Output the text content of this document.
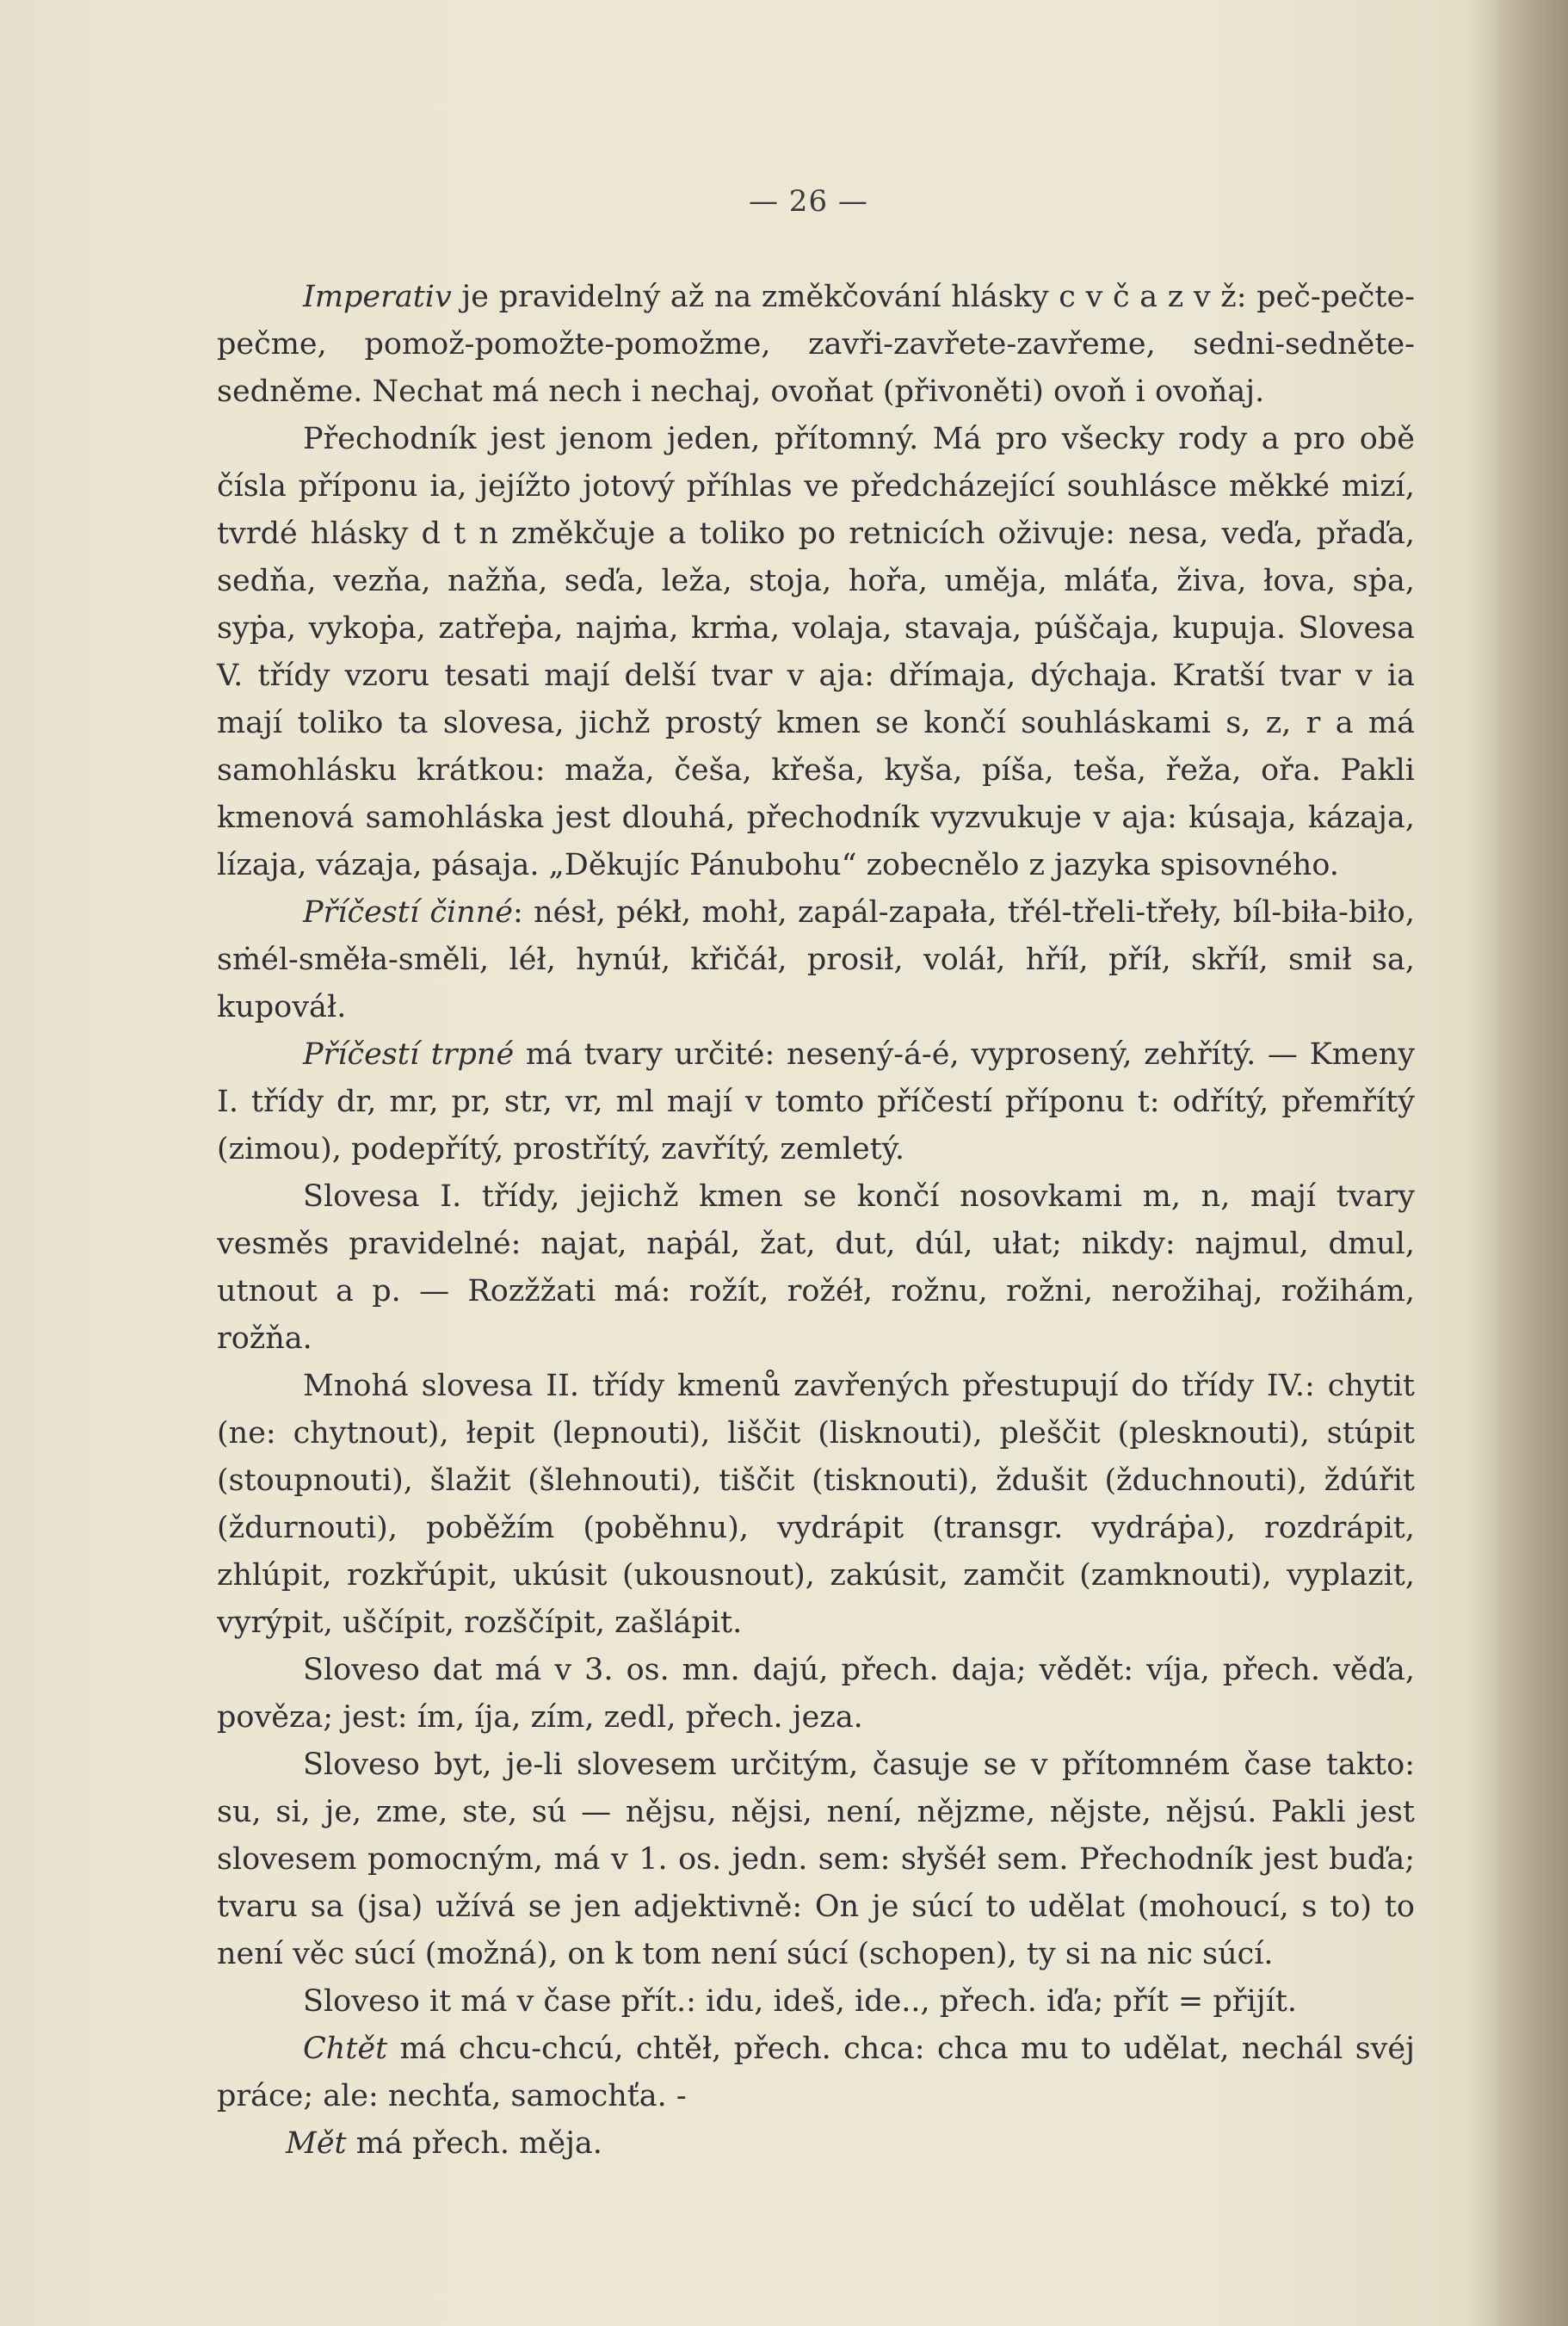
— 26 —

Imperativ je pravidelný až na změkčování hlásky c v č a z v ž: peč-pečte-pečme, pomož-pomožte-pomožme, zavři-zavřete-zavřeme, sedni-sedněte-sedněme. Nechat má nech i nechaj, ovoňat (přivoněti) ovoň i ovoňaj.

Přechodník jest jenom jeden, přítomný. Má pro všecky rody a pro obě čísla příponu ia, jejížto jotový příhlas ve předcházející souhlásce měkké mizí, tvrdé hlásky d t n změkčuje a toliko po retnicích oživuje: nesa, veďa, přaďa, sedňa, vezňa, nažňa, seďa, leža, stoja, hořa, uměja, mláťa, živa, łova, sṗa, syṗa, vykoṗa, zatřeṗa, najṁa, krṁa, volaja, stavaja, púščaja, kupuja. Slovesa V. třídy vzoru tesati mají delší tvar v aja: dřímaja, dýchaja. Kratší tvar v ia mají toliko ta slovesa, jichž prostý kmen se končí souhláskami s, z, r a má samohlásku krátkou: maža, češa, křeša, kyša, píša, teša, řeža, ořa. Pakli kmenová samohláska jest dlouhá, přechodník vyzvukuje v aja: kúsaja, kázaja, lízaja, vázaja, pásaja. „Děkujíc Pánubohu“ zobecnělo z jazyka spisovného.

Příčestí činné: nésł, pékł, mohł, zapál-zapała, třél-třeli-třeły, bíl-biła-biło, sṁél-směła-směli, léł, hynúł, křičáł, prosił, voláł, hříł, příł, skříł, smił sa, kupováł.

Příčestí trpné má tvary určité: nesený-á-é, vyprosený, zehřítý. — Kmeny I. třídy dr, mr, pr, str, vr, ml mají v tomto příčestí příponu t: odřítý, přemřítý (zimou), podepřítý, prostřítý, zavřítý, zemletý.

Slovesa I. třídy, jejichž kmen se končí nosovkami m, n, mají tvary vesměs pravidelné: najat, naṗál, žat, dut, dúl, ułat; nikdy: najmul, dmul, utnout a p. — Rozžžati má: rožít, rožéł, rožnu, rožni, nerožihaj, rožihám, rožňa.

Mnohá slovesa II. třídy kmenů zavřených přestupují do třídy IV.: chytit (ne: chytnout), łepit (lepnouti), liščit (lisknouti), pleščit (plesknouti), stúpit (stoupnouti), šlažit (šlehnouti), tiščit (tisknouti), ždušit (žduchnouti), ždúřit (ždurnouti), poběžím (poběhnu), vydrápit (transgr. vydráṗa), rozdrápit, zhlúpit, rozkřúpit, ukúsit (ukousnout), zakúsit, zamčit (zamknouti), vyplazit, vyrýpit, uščípit, rozščípit, zašlápit.

Sloveso dat má v 3. os. mn. dajú, přech. daja; vědět: víja, přech. věďa, povězа; jest: ím, íja, zím, zedl, přech. jeza.

Sloveso byt, je-li slovesem určitým, časuje se v přítomném čase takto: su, si, je, zme, ste, sú — nějsu, nějsi, není, nějzme, nějste, nějsú. Pakli jest slovesem pomocným, má v 1. os. jedn. sem: słyšéł sem. Přechodník jest buďa; tvaru sa (jsa) užívá se jen adjektivně: On je súcí to udělat (mohoucí, s to) to není věc súcí (možná), on k tom není súcí (schopen), ty si na nic súcí.

Sloveso it má v čase přít.: idu, ideš, ide.., přech. iďa; přít = přijít.

Chtět má chcu-chcú, chtěł, přech. chca: chca mu to udělat, nechál svéj práce; ale: nechťa, samochťa. -

Mět má přech. měja.
